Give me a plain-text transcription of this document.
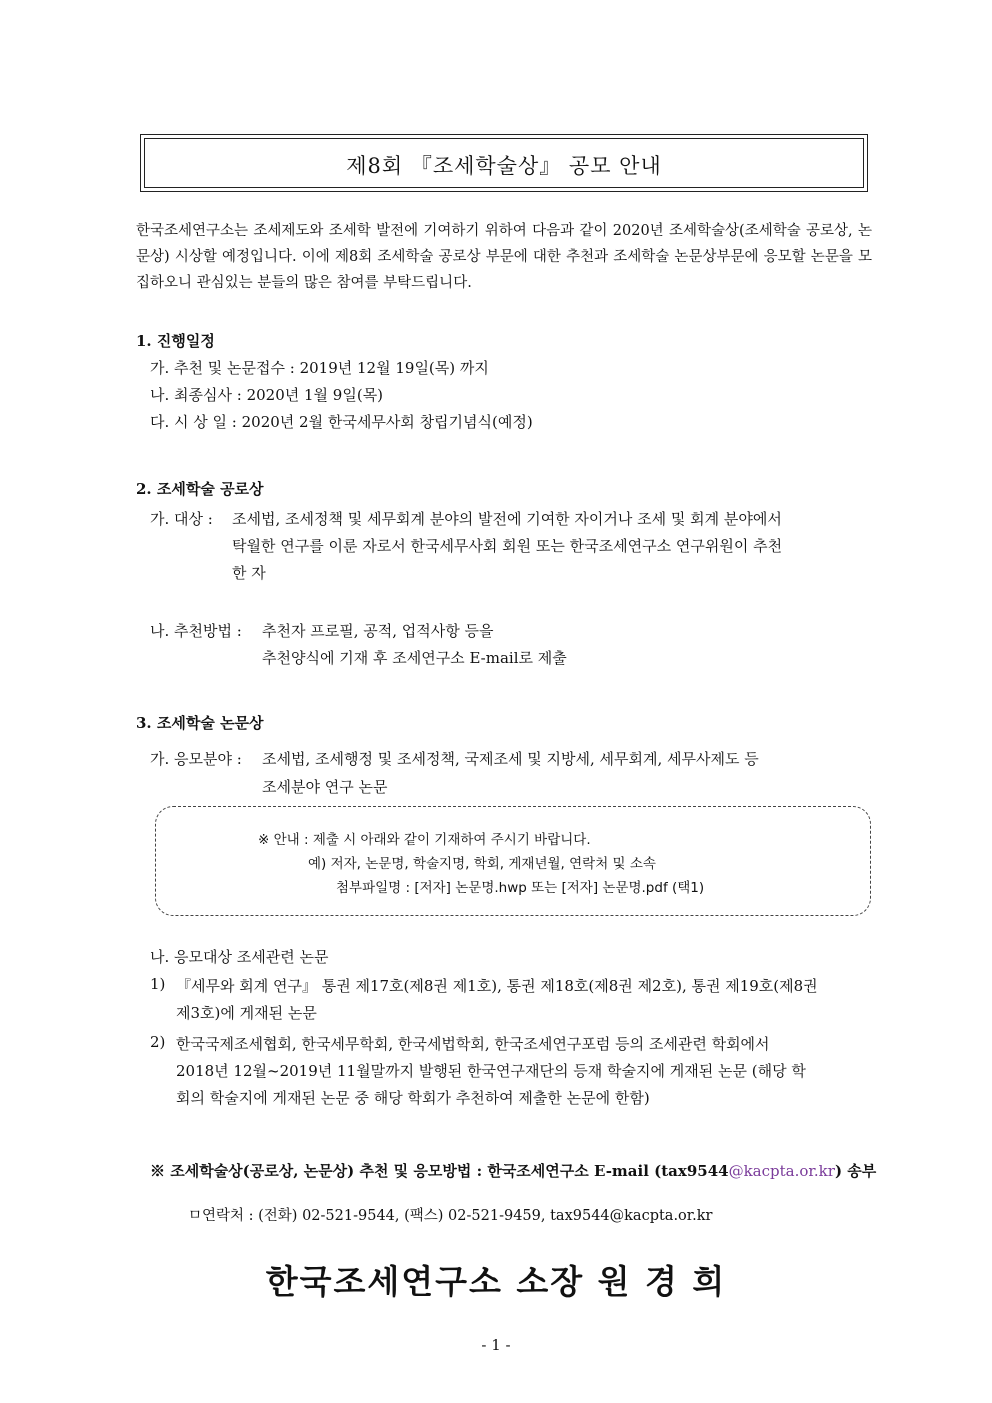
제8회 『조세학술상』 공모 안내
한국조세연구소는 조세제도와 조세학 발전에 기여하기 위하여 다음과 같이 2020년 조세학술상(조세학술 공로상, 논문상) 시상할 예정입니다. 이에 제8회 조세학술 공로상 부문에 대한 추천과 조세학술 논문상부문에 응모할 논문을 모집하오니 관심있는 분들의 많은 참여를 부탁드립니다.
1. 진행일정
가. 추천 및 논문접수 : 2019년 12월 19일(목) 까지
나. 최종심사 : 2020년 1월 9일(목)
다. 시 상 일 : 2020년 2월 한국세무사회 창립기념식(예정)
2. 조세학술 공로상
가. 대상 : 조세법, 조세정책 및 세무회계 분야의 발전에 기여한 자이거나 조세 및 회계 분야에서
탁월한 연구를 이룬 자로서 한국세무사회 회원 또는 한국조세연구소 연구위원이 추천
한 자
나. 추천방법 : 추천자 프로필, 공적, 업적사항 등을
추천양식에 기재 후 조세연구소 E-mail로 제출
3. 조세학술 논문상
가. 응모분야 : 조세법, 조세행정 및 조세정책, 국제조세 및 지방세, 세무회계, 세무사제도 등
조세분야 연구 논문
※ 안내 : 제출 시 아래와 같이 기재하여 주시기 바랍니다.
예) 저자, 논문명, 학술지명, 학회, 게재년월, 연락처 및 소속
첨부파일명 : [저자] 논문명.hwp 또는 [저자] 논문명.pdf (택1)
나. 응모대상 조세관련 논문
1) 『세무와 회계 연구』 통권 제17호(제8권 제1호), 통권 제18호(제8권 제2호), 통권 제19호(제8권
제3호)에 게재된 논문
2) 한국국제조세협회, 한국세무학회, 한국세법학회, 한국조세연구포럼 등의 조세관련 학회에서
2018년 12월~2019년 11월말까지 발행된 한국연구재단의 등재 학술지에 게재된 논문 (해당 학
회의 학술지에 게재된 논문 중 해당 학회가 추천하여 제출한 논문에 한함)
※ 조세학술상(공로상, 논문상) 추천 및 응모방법 : 한국조세연구소 E-mail (tax9544@kacpta.or.kr) 송부
ㅁ연락처 : (전화) 02-521-9544, (팩스) 02-521-9459, tax9544@kacpta.or.kr
한국조세연구소 소장 원 경 희
- 1 -
